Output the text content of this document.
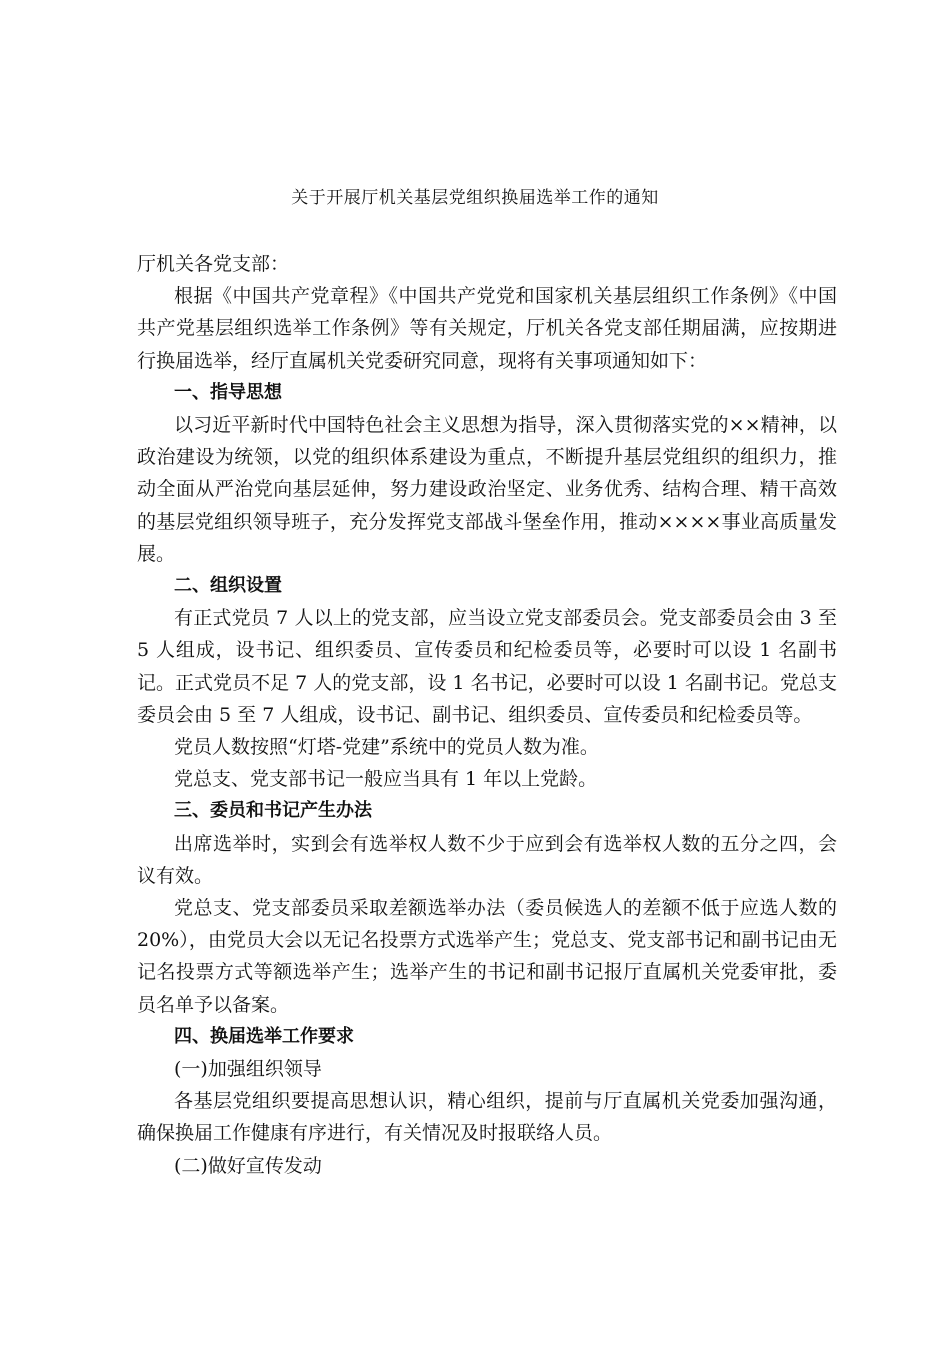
关于开展厅机关基层党组织换届选举工作的通知

厅机关各党支部：

根据《中国共产党章程》《中国共产党党和国家机关基层组织工作条例》《中国共产党基层组织选举工作条例》等有关规定，厅机关各党支部任期届满，应按期进行换届选举，经厅直属机关党委研究同意，现将有关事项通知如下：

一、指导思想

以习近平新时代中国特色社会主义思想为指导，深入贯彻落实党的××精神，以政治建设为统领，以党的组织体系建设为重点，不断提升基层党组织的组织力，推动全面从严治党向基层延伸，努力建设政治坚定、业务优秀、结构合理、精干高效的基层党组织领导班子，充分发挥党支部战斗堡垒作用，推动××××事业高质量发展。

二、组织设置

有正式党员 7 人以上的党支部，应当设立党支部委员会。党支部委员会由 3 至 5 人组成，设书记、组织委员、宣传委员和纪检委员等，必要时可以设 1 名副书记。正式党员不足 7 人的党支部，设 1 名书记，必要时可以设 1 名副书记。党总支委员会由 5 至 7 人组成，设书记、副书记、组织委员、宣传委员和纪检委员等。

党员人数按照“灯塔-党建”系统中的党员人数为准。

党总支、党支部书记一般应当具有 1 年以上党龄。

三、委员和书记产生办法

出席选举时，实到会有选举权人数不少于应到会有选举权人数的五分之四，会议有效。

党总支、党支部委员采取差额选举办法（委员候选人的差额不低于应选人数的 20%），由党员大会以无记名投票方式选举产生；党总支、党支部书记和副书记由无记名投票方式等额选举产生；选举产生的书记和副书记报厅直属机关党委审批，委员名单予以备案。

四、换届选举工作要求

(一)加强组织领导

各基层党组织要提高思想认识，精心组织，提前与厅直属机关党委加强沟通，确保换届工作健康有序进行，有关情况及时报联络人员。

(二)做好宣传发动
